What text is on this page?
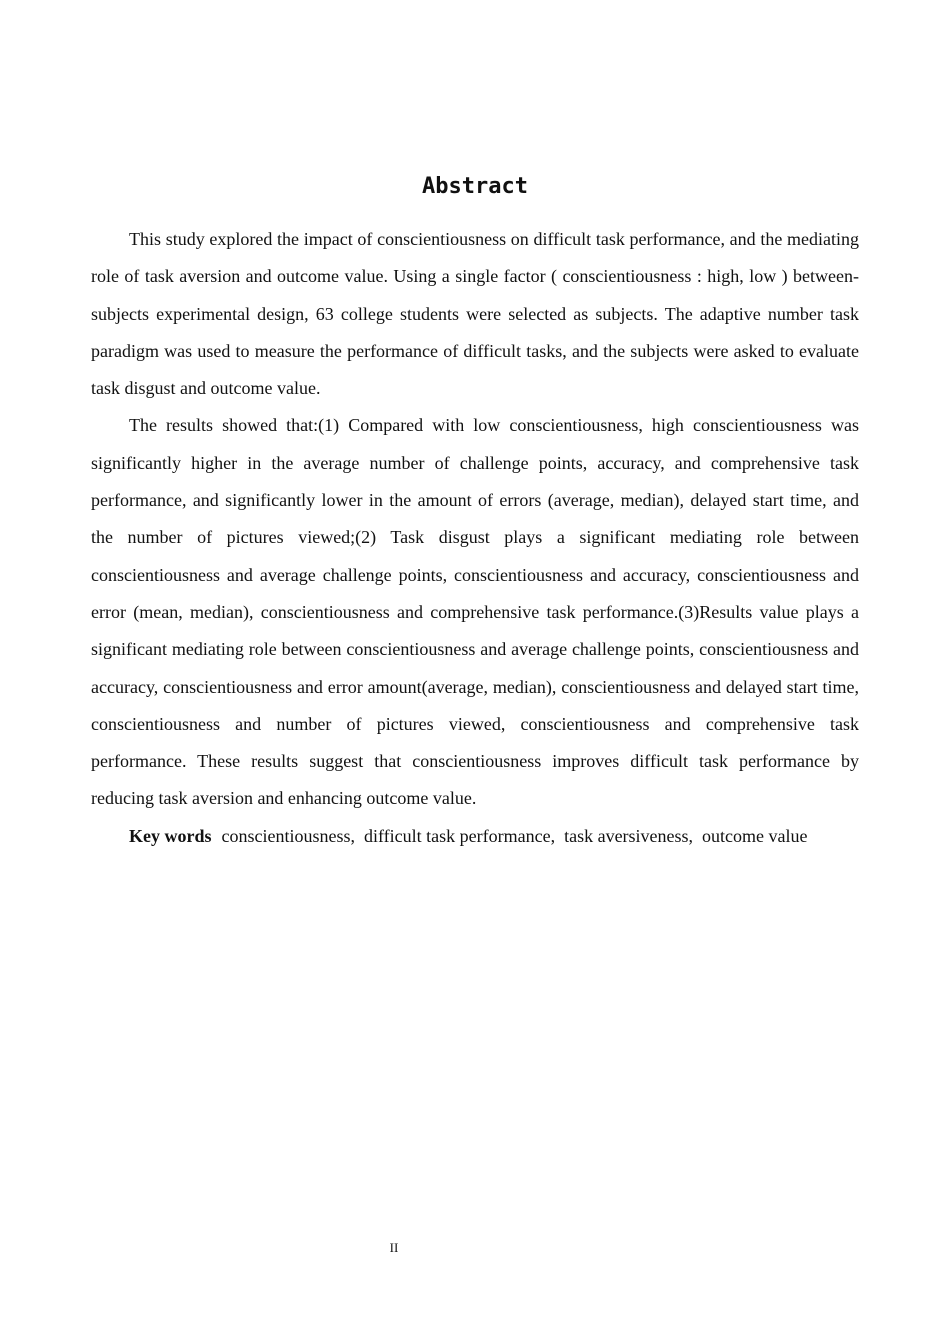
Abstract

This study explored the impact of conscientiousness on difficult task performance, and the mediating role of task aversion and outcome value. Using a single factor ( conscientiousness : high, low ) between-subjects experimental design, 63 college students were selected as subjects. The adaptive number task paradigm was used to measure the performance of difficult tasks, and the subjects were asked to evaluate task disgust and outcome value.

The results showed that:(1) Compared with low conscientiousness, high conscientiousness was significantly higher in the average number of challenge points, accuracy, and comprehensive task performance, and significantly lower in the amount of errors (average, median), delayed start time, and the number of pictures viewed;(2) Task disgust plays a significant mediating role between conscientiousness and average challenge points, conscientiousness and accuracy, conscientiousness and error (mean, median), conscientiousness and comprehensive task performance.(3)Results value plays a significant mediating role between conscientiousness and average challenge points, conscientiousness and accuracy, conscientiousness and error amount(average, median), conscientiousness and delayed start time, conscientiousness and number of pictures viewed, conscientiousness and comprehensive task performance. These results suggest that conscientiousness improves difficult task performance by reducing task aversion and enhancing outcome value.

Key words conscientiousness, difficult task performance, task aversiveness, outcome value

II
